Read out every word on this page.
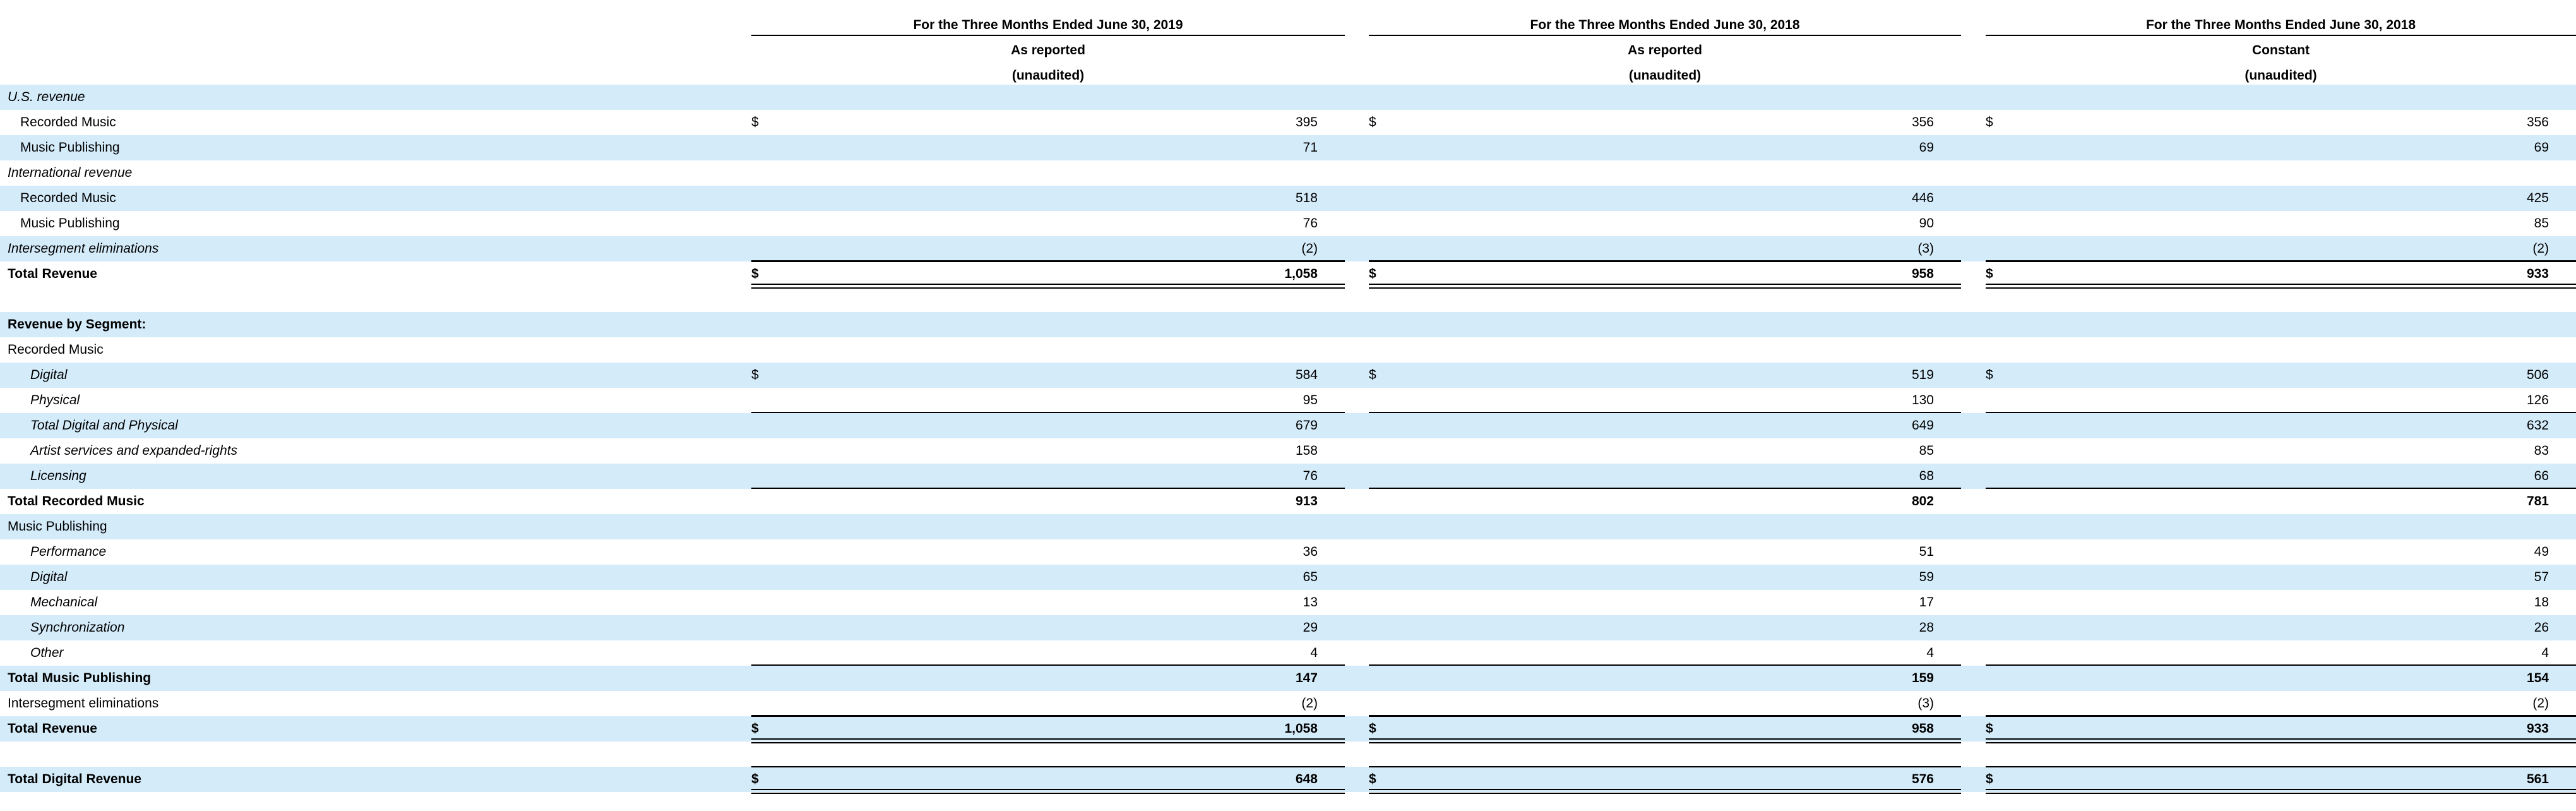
For the Three Months Ended June 30, 2019
As reported
(unaudited)
For the Three Months Ended June 30, 2018
As reported
(unaudited)
For the Three Months Ended June 30, 2018
Constant
(unaudited)
U.S. revenue
Recorded Music	$	395	$	356	$	356
Music Publishing	71	69	69
International revenue
Recorded Music	518	446	425
Music Publishing	76	90	85
Intersegment eliminations	(2)	(3)	(2)
Total Revenue	$	1,058	$	958	$	933
Revenue by Segment:
Recorded Music
Digital	$	584	$	519	$	506
Physical	95	130	126
Total Digital and Physical	679	649	632
Artist services and expanded-rights	158	85	83
Licensing	76	68	66
Total Recorded Music	913	802	781
Music Publishing
Performance	36	51	49
Digital	65	59	57
Mechanical	13	17	18
Synchronization	29	28	26
Other	4	4	4
Total Music Publishing	147	159	154
Intersegment eliminations	(2)	(3)	(2)
Total Revenue	$	1,058	$	958	$	933
Total Digital Revenue	$	648	$	576	$	561
